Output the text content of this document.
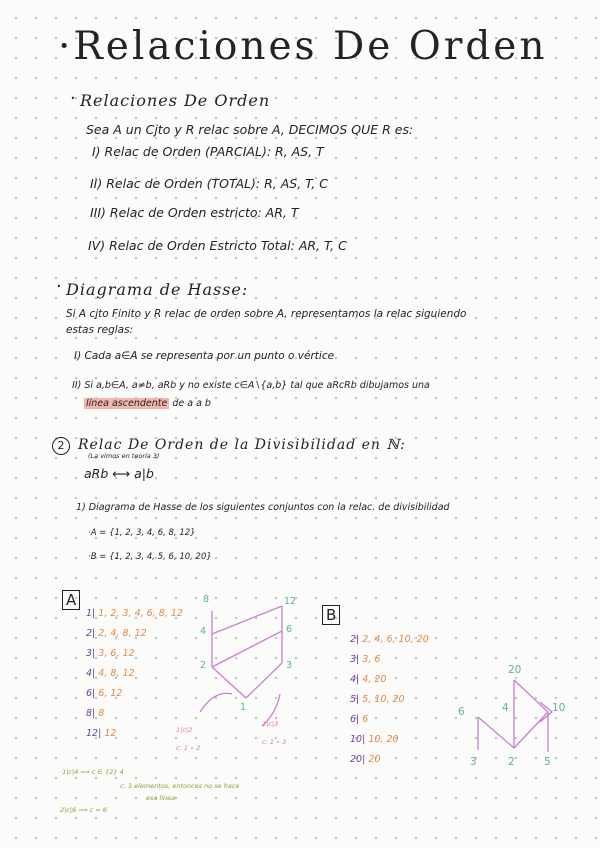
·Relaciones De Orden
· Relaciones De Orden
Sea A un Cjto y R relac sobre A, DECIMOS QUE R es:
I) Relac de Orden (PARCIAL): R, AS, T
II) Relac de Orden (TOTAL): R, AS, T, C
III) Relac de Orden estricto: AR, T
IV) Relac de Orden Estricto Total: AR, T, C
· Diagrama de Hasse:
Si A cjto Finito y R relac de orden sobre A, representamos la relac siguiendo
estas reglas:
I) Cada a∈A se representa por un punto o vértice
II) Si a,b∈A, a≠b, aRb y no existe c∈A∖{a,b} tal que aRcRb dibujamos una
línea ascendente de a a b
2 Relac De Orden de la Divisibilidad en ℕ:
(La vimos en teoría 3)
aRb ⟷ a|b
1) Diagrama de Hasse de los siguientes conjuntos con la relac. de divisibilidad
·A = {1, 2, 3, 4, 6, 8, 12}
·B = {1, 2, 3, 4, 5, 6, 10, 20}
A
1| 1, 2, 3, 4, 6, 8, 12
2| 2, 4, 8, 12
3| 3, 6, 12
4| 4, 8, 12
6| 6, 12
8| 8
12| 12
8	12
4	6
2	3
1
1|c|2
c: 1 ∘ 2
1|c|3
c: 1 ∘ 3
·1|c|4 ⟹ c ∈ {2} 4
c: 3 elementos, entonces no se hace
esa línea
2|c|6 ⟹ c = 6
B
2| 2, 4, 6, 10, 20
3| 3, 6
4| 4, 20
5| 5, 10, 20
6| 6
10| 10, 20
20| 20
20
6	4	10
3	2	5
